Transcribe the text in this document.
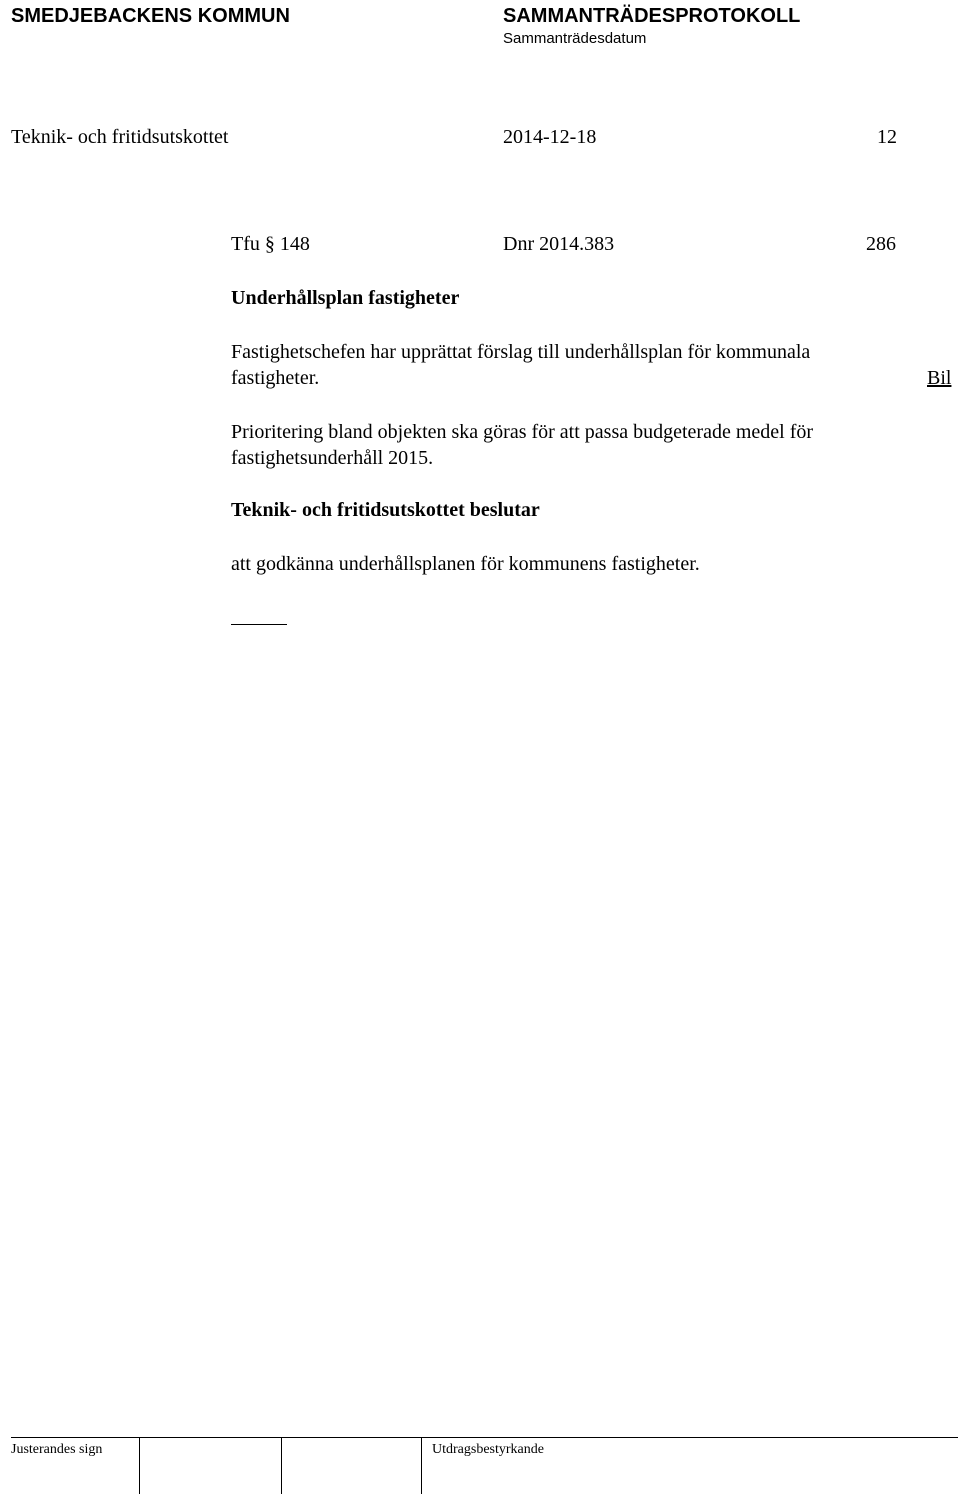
SMEDJEBACKENS KOMMUN	SAMMANTRÄDESPROTOKOLL
Sammanträdesdatum
Teknik- och fritidsutskottet	2014-12-18	12
Tfu § 148	Dnr 2014.383	286
Underhållsplan fastigheter
Fastighetschefen har upprättat förslag till underhållsplan för kommunala
fastigheter.	Bil
Prioritering bland objekten ska göras för att passa budgeterade medel för
fastighetsunderhåll 2015.
Teknik- och fritidsutskottet beslutar
att godkänna underhållsplanen för kommunens fastigheter.
Justerandes sign	Utdragsbestyrkande
